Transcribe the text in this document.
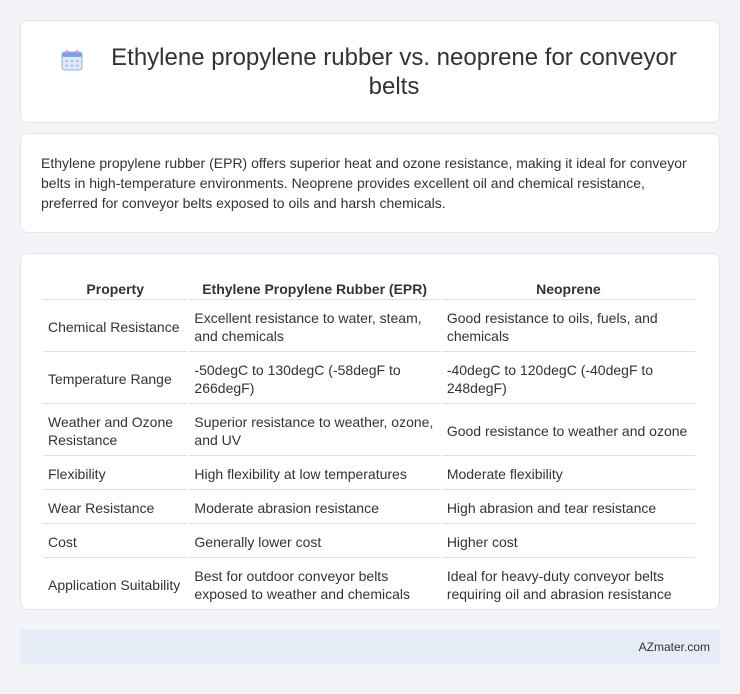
Ethylene propylene rubber vs. neoprene for conveyor belts

Ethylene propylene rubber (EPR) offers superior heat and ozone resistance, making it ideal for conveyor belts in high-temperature environments. Neoprene provides excellent oil and chemical resistance, preferred for conveyor belts exposed to oils and harsh chemicals.

Property	Ethylene Propylene Rubber (EPR)	Neoprene
Chemical Resistance	Excellent resistance to water, steam, and chemicals	Good resistance to oils, fuels, and chemicals
Temperature Range	-50degC to 130degC (-58degF to 266degF)	-40degC to 120degC (-40degF to 248degF)
Weather and Ozone Resistance	Superior resistance to weather, ozone, and UV	Good resistance to weather and ozone
Flexibility	High flexibility at low temperatures	Moderate flexibility
Wear Resistance	Moderate abrasion resistance	High abrasion and tear resistance
Cost	Generally lower cost	Higher cost
Application Suitability	Best for outdoor conveyor belts exposed to weather and chemicals	Ideal for heavy-duty conveyor belts requiring oil and abrasion resistance
AZmater.com
